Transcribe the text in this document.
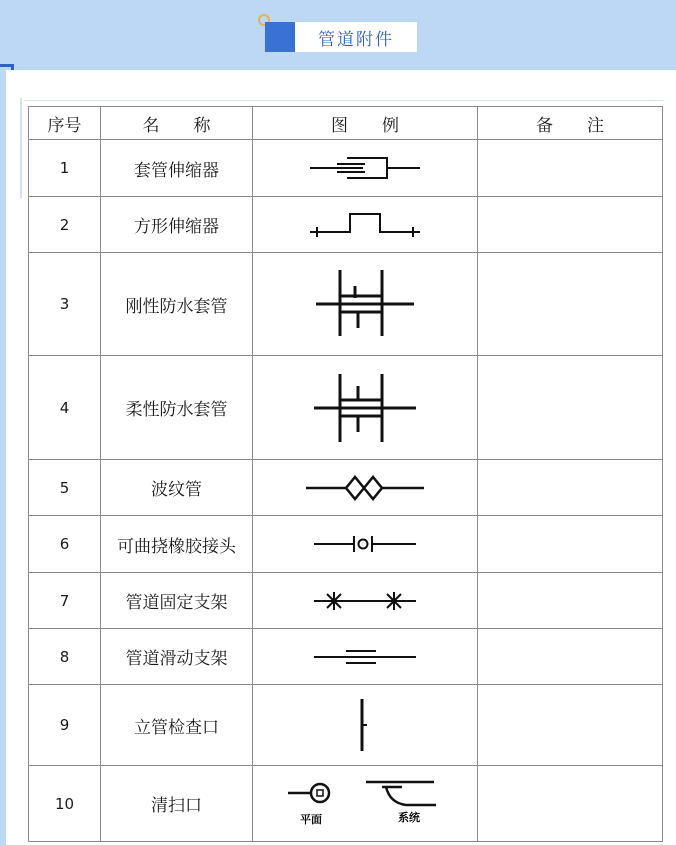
管道附件
序号	名　　称	图　　例	备　　注
1	套管伸缩器	

2	方形伸缩器	

3	刚性防水套管	

4	柔性防水套管	

5	波纹管	

6	可曲挠橡胶接头	

7	管道固定支架	

8	管道滑动支架	

9	立管检查口	

10	清扫口	平面 系统	
